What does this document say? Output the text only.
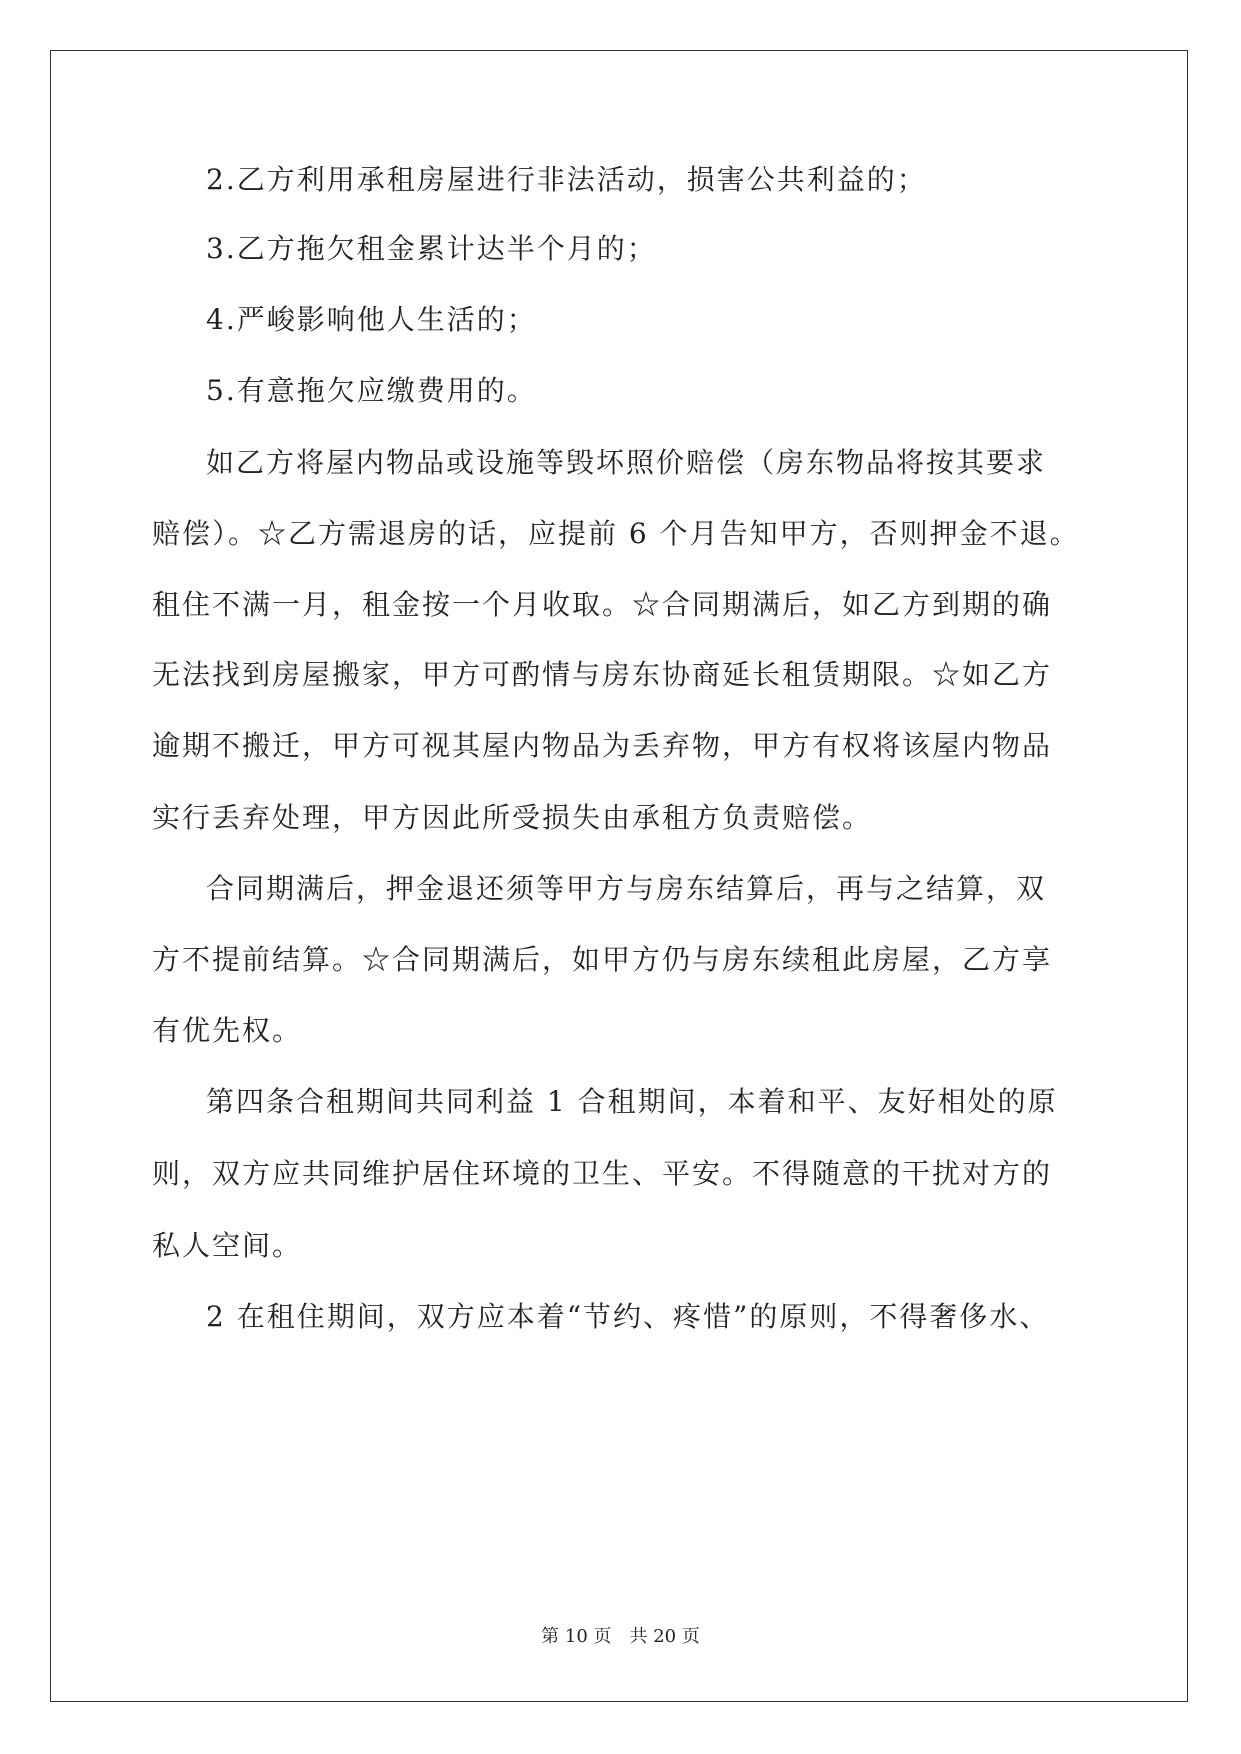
2.乙方利用承租房屋进行非法活动，损害公共利益的；
3.乙方拖欠租金累计达半个月的；
4.严峻影响他人生活的；
5.有意拖欠应缴费用的。
如乙方将屋内物品或设施等毁坏照价赔偿（房东物品将按其要求
赔偿）。☆乙方需退房的话，应提前 6 个月告知甲方，否则押金不退。
租住不满一月，租金按一个月收取。☆合同期满后，如乙方到期的确
无法找到房屋搬家，甲方可酌情与房东协商延长租赁期限。☆如乙方
逾期不搬迁，甲方可视其屋内物品为丢弃物，甲方有权将该屋内物品
实行丢弃处理，甲方因此所受损失由承租方负责赔偿。
合同期满后，押金退还须等甲方与房东结算后，再与之结算，双
方不提前结算。☆合同期满后，如甲方仍与房东续租此房屋，乙方享
有优先权。
第四条合租期间共同利益 1 合租期间，本着和平、友好相处的原
则，双方应共同维护居住环境的卫生、平安。不得随意的干扰对方的
私人空间。
2 在租住期间，双方应本着“节约、疼惜”的原则，不得奢侈水、
第 10 页 共 20 页
